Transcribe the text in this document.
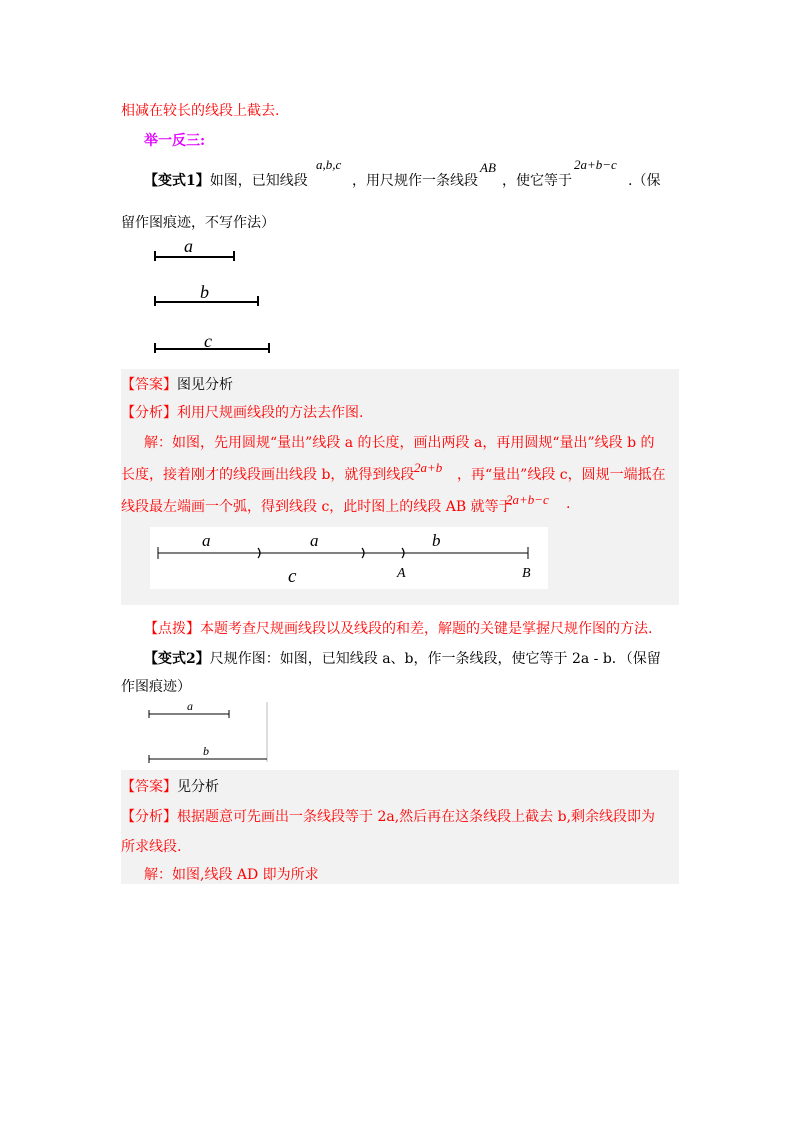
相减在较长的线段上截去.
举一反三:
【变式1】如图，已知线段
a,b,c
，用尺规作一条线段
AB
，使它等于
2a+b−c
.（保
留作图痕迹，不写作法）
a
b
c
【答案】图见分析
【分析】利用尺规画线段的方法去作图.
解：如图，先用圆规“量出”线段 a 的长度，画出两段 a，再用圆规“量出”线段 b 的
长度，接着刚才的线段画出线段 b，就得到线段 2a+b ，再“量出”线段 c，圆规一端抵在
线段最左端画一个弧，得到线段 c，此时图上的线段 AB 就等于
2a+b−c .
a	a	b
c	A	B
【点拨】本题考查尺规画线段以及线段的和差，解题的关键是掌握尺规作图的方法.
【变式2】尺规作图：如图，已知线段 a、b，作一条线段，使它等于 2a - b．（保留
作图痕迹）
a
b
【答案】见分析
【分析】根据题意可先画出一条线段等于 2a,然后再在这条线段上截去 b,剩余线段即为
所求线段.
解：如图,线段 AD 即为所求
